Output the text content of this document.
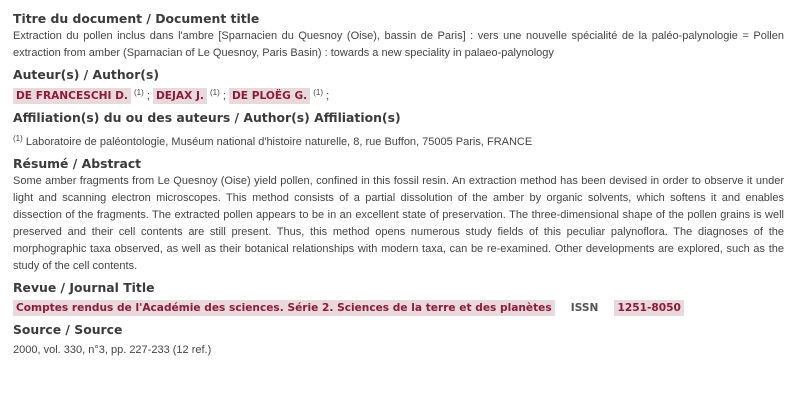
Titre du document / Document title

Extraction du pollen inclus dans l'ambre [Sparnacien du Quesnoy (Oise), bassin de Paris] : vers une nouvelle spécialité de la paléo-palynologie = Pollen extraction from amber (Sparnacian of Le Quesnoy, Paris Basin) : towards a new speciality in palaeo-palynology

Auteur(s) / Author(s)
DE FRANCESCHI D. $^{(1)}$ ; DEJAX J. $^{(1)}$ ; DE PLOËG G. $^{(1)}$ ;
Affiliation(s) du ou des auteurs / Author(s) Affiliation(s)
$^{(1)}$ Laboratoire de paléontologie, Muséum national d'histoire naturelle, 8, rue Buffon, 75005 Paris, FRANCE
Résumé / Abstract

Some amber fragments from Le Quesnoy (Oise) yield pollen, confined in this fossil resin. An extraction method has been devised in order to observe it under light and scanning electron microscopes. This method consists of a partial dissolution of the amber by organic solvents, which softens it and enables dissection of the fragments. The extracted pollen appears to be in an excellent state of preservation. The three-dimensional shape of the pollen grains is well preserved and their cell contents are still present. Thus, this method opens numerous study fields of this peculiar palynoflora. The diagnoses of the morphographic taxa observed, as well as their botanical relationships with modern taxa, can be re-examined. Other developments are explored, such as the study of the cell contents.

Revue / Journal Title
Comptes rendus de l'Académie des sciences. Série 2. Sciences de la terre et des planètes ISSN 1251-8050
Source / Source
2000, vol. 330, n°3, pp. 227-233 (12 ref.)
